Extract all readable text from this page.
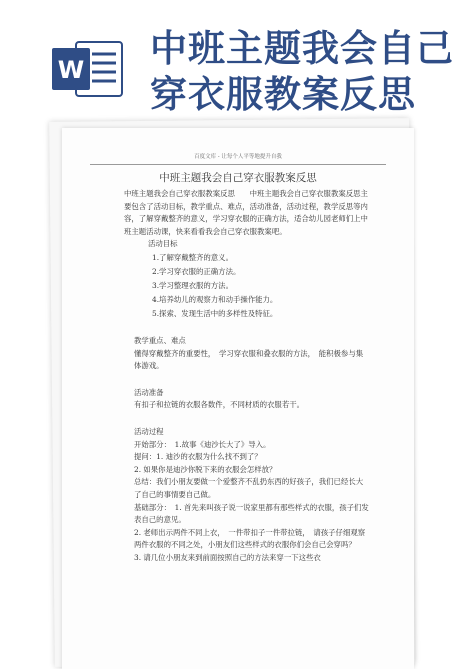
W 中班主题我会自己
穿衣服教案反思
百度文库 - 让每个人平等地提升自我
中班主题我会自己穿衣服教案反思

中班主题我会自己穿衣服教案反思　　中班主题我会自己穿衣服教案反思主要包含了活动目标，教学重点、难点，活动准备，活动过程，教学反思等内容，了解穿戴整齐的意义，学习穿衣服的正确方法，适合幼儿园老师们上中班主题活动课，快来看看我会自己穿衣服教案吧。

活动目标

1.了解穿戴整齐的意义。
2.学习穿衣服的正确方法。
3.学习整理衣服的方法。
4.培养幼儿的观察力和动手操作能力。
5.探索、发现生活中的多样性及特征。

教学重点、难点

懂得穿戴整齐的重要性，　学习穿衣服和叠衣服的方法，　能积极参与集体游戏。

活动准备

有扣子和拉链的衣服各数件，不同材质的衣服若干。

活动过程

开始部分：　1.故事《迪沙长大了》导入。

提问：1. 迪沙的衣服为什么找不到了？

2. 如果你是迪沙你脱下来的衣服会怎样放？

总结：我们小朋友要做一个爱整齐不乱扔东西的好孩子，我们已经长大了自己的事情要自己做。

基础部分：　1. 首先来叫孩子说一说家里都有那些样式的衣服，孩子们发表自己的意见。

2. 老师出示两件不同上衣，　一件带扣子一件带拉链，　请孩子仔细观察两件衣服的不同之处，小朋友们这些样式的衣服你们会自己会穿吗？

3. 请几位小朋友来到前面按照自己的方法来穿一下这些衣
